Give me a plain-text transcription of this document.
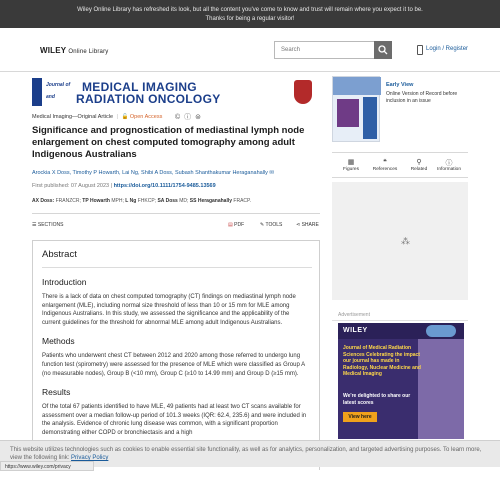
Wiley Online Library has refreshed its look, but all the content you've come to know and trust will remain where you expect it to be.
Thanks for being a regular visitor!
WILEY Online Library	Search	Login / Register
Journal of MEDICAL IMAGING
and RADIATION ONCOLOGY
Medical Imaging—Original Article | 🔓 Open Access © ⓘ ⊜
Significance and prognostication of mediastinal lymph node enlargement on chest computed tomography among adult Indigenous Australians
Arockia X Doss, Timothy P Howarth, Lai Ng, Shibi A Doss, Subash Shanthakumar Heraganahally ✉
First published: 07 August 2023 | https://doi.org/10.1111/1754-9485.13569
AX Doss: FRANZCR; TP Howarth MPH; L Ng FHKCP; SA Doss MD; SS Heraganahally FRACP.
☰ SECTIONS	▤ PDF	✎ TOOLS	⋖ SHARE
Abstract
Introduction

There is a lack of data on chest computed tomography (CT) findings on mediastinal lymph node enlargement (MLE), including normal size threshold of less than 10 or 15 mm for MLE among Indigenous Australians. In this study, we assessed the significance and the applicability of the current guidelines for the threshold for abnormal MLE among adult Indigenous Australians.

Methods

Patients who underwent chest CT between 2012 and 2020 among those referred to undergo lung function test (spirometry) were assessed for the presence of MLE which were classified as Group A (no measurable nodes), Group B (<10 mm), Group C (≥10 to 14.99 mm) and Group D (≥15 mm).

Results

Of the total 67 patients identified to have MLE, 49 patients had at least two CT scans available for assessment over a median follow-up period of 101.3 weeks (IQR: 62.4, 235.6) and were included in the analysis. Evidence of chronic lung disease was common, with a significant proportion demonstrating either COPD or bronchiectasis and a high

Early View
Online Version of Record before inclusion in an issue
▦
Figures
❝
References
⚲
Related
ⓘ
Information
⁂
Advertisement
WILEY
Journal of Medical Radiation Sciences Celebrating the impact our journal has made in Radiology, Nuclear Medicine and Medical Imaging
We're delighted to share our latest scores
View here
This website utilizes technologies such as cookies to enable essential site functionality, as well as for analytics, personalization, and targeted advertising purposes. To learn more, view the following link: Privacy Policy
https://www.wiley.com/privacy
